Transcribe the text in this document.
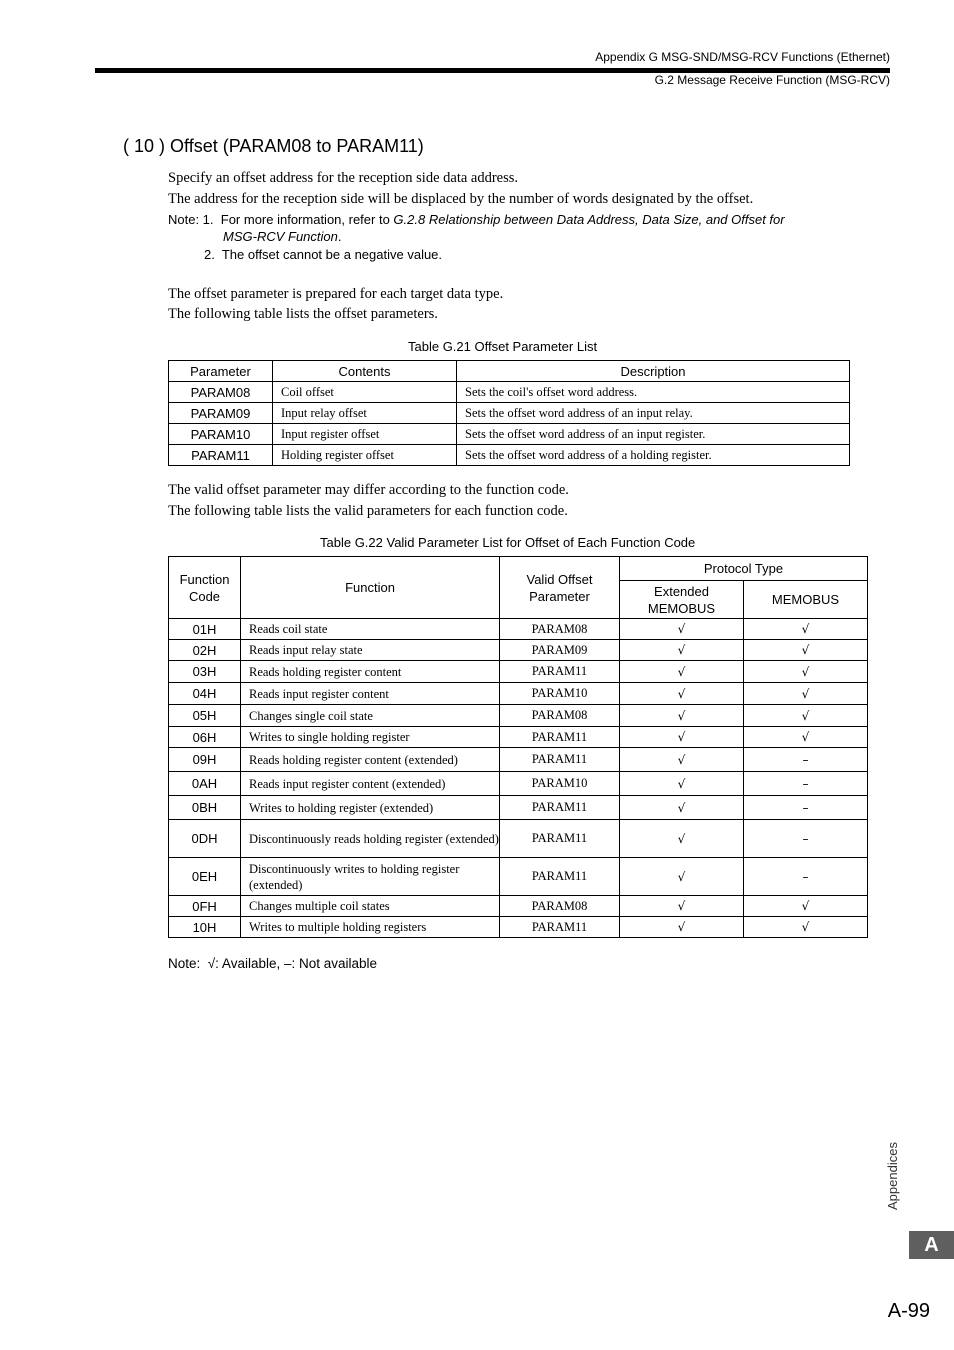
Appendix G MSG-SND/MSG-RCV Functions (Ethernet)
G.2 Message Receive Function (MSG-RCV)
( 10 ) Offset (PARAM08 to PARAM11)
Specify an offset address for the reception side data address.
The address for the reception side will be displaced by the number of words designated by the offset.
Note: 1.  For more information, refer to G.2.8 Relationship between Data Address, Data Size, and Offset for
MSG-RCV Function.
2.  The offset cannot be a negative value.
The offset parameter is prepared for each target data type.
The following table lists the offset parameters.
Table G.21 Offset Parameter List
Parameter	Contents	Description
PARAM08	Coil offset	Sets the coil's offset word address.
PARAM09	Input relay offset	Sets the offset word address of an input relay.
PARAM10	Input register offset	Sets the offset word address of an input register.
PARAM11	Holding register offset	Sets the offset word address of a holding register.
The valid offset parameter may differ according to the function code.
The following table lists the valid parameters for each function code.
Table G.22 Valid Parameter List for Offset of Each Function Code
Function Code	Function	Valid Offset Parameter	Protocol Type	
			Extended MEMOBUS	MEMOBUS
01H	Reads coil state	PARAM08	√	√
02H	Reads input relay state	PARAM09	√	√
03H	Reads holding register content	PARAM11	√	√
04H	Reads input register content	PARAM10	√	√
05H	Changes single coil state	PARAM08	√	√
06H	Writes to single holding register	PARAM11	√	√
09H	Reads holding register content (extended)	PARAM11	√	–
0AH	Reads input register content (extended)	PARAM10	√	–
0BH	Writes to holding register (extended)	PARAM11	√	–
0DH	Discontinuously reads holding register (extended)	PARAM11	√	–
0EH	Discontinuously writes to holding register (extended)	PARAM11	√	–
0FH	Changes multiple coil states	PARAM08	√	√
10H	Writes to multiple holding registers	PARAM11	√	√
Note:  √: Available, –: Not available
Appendices
A
A-99
